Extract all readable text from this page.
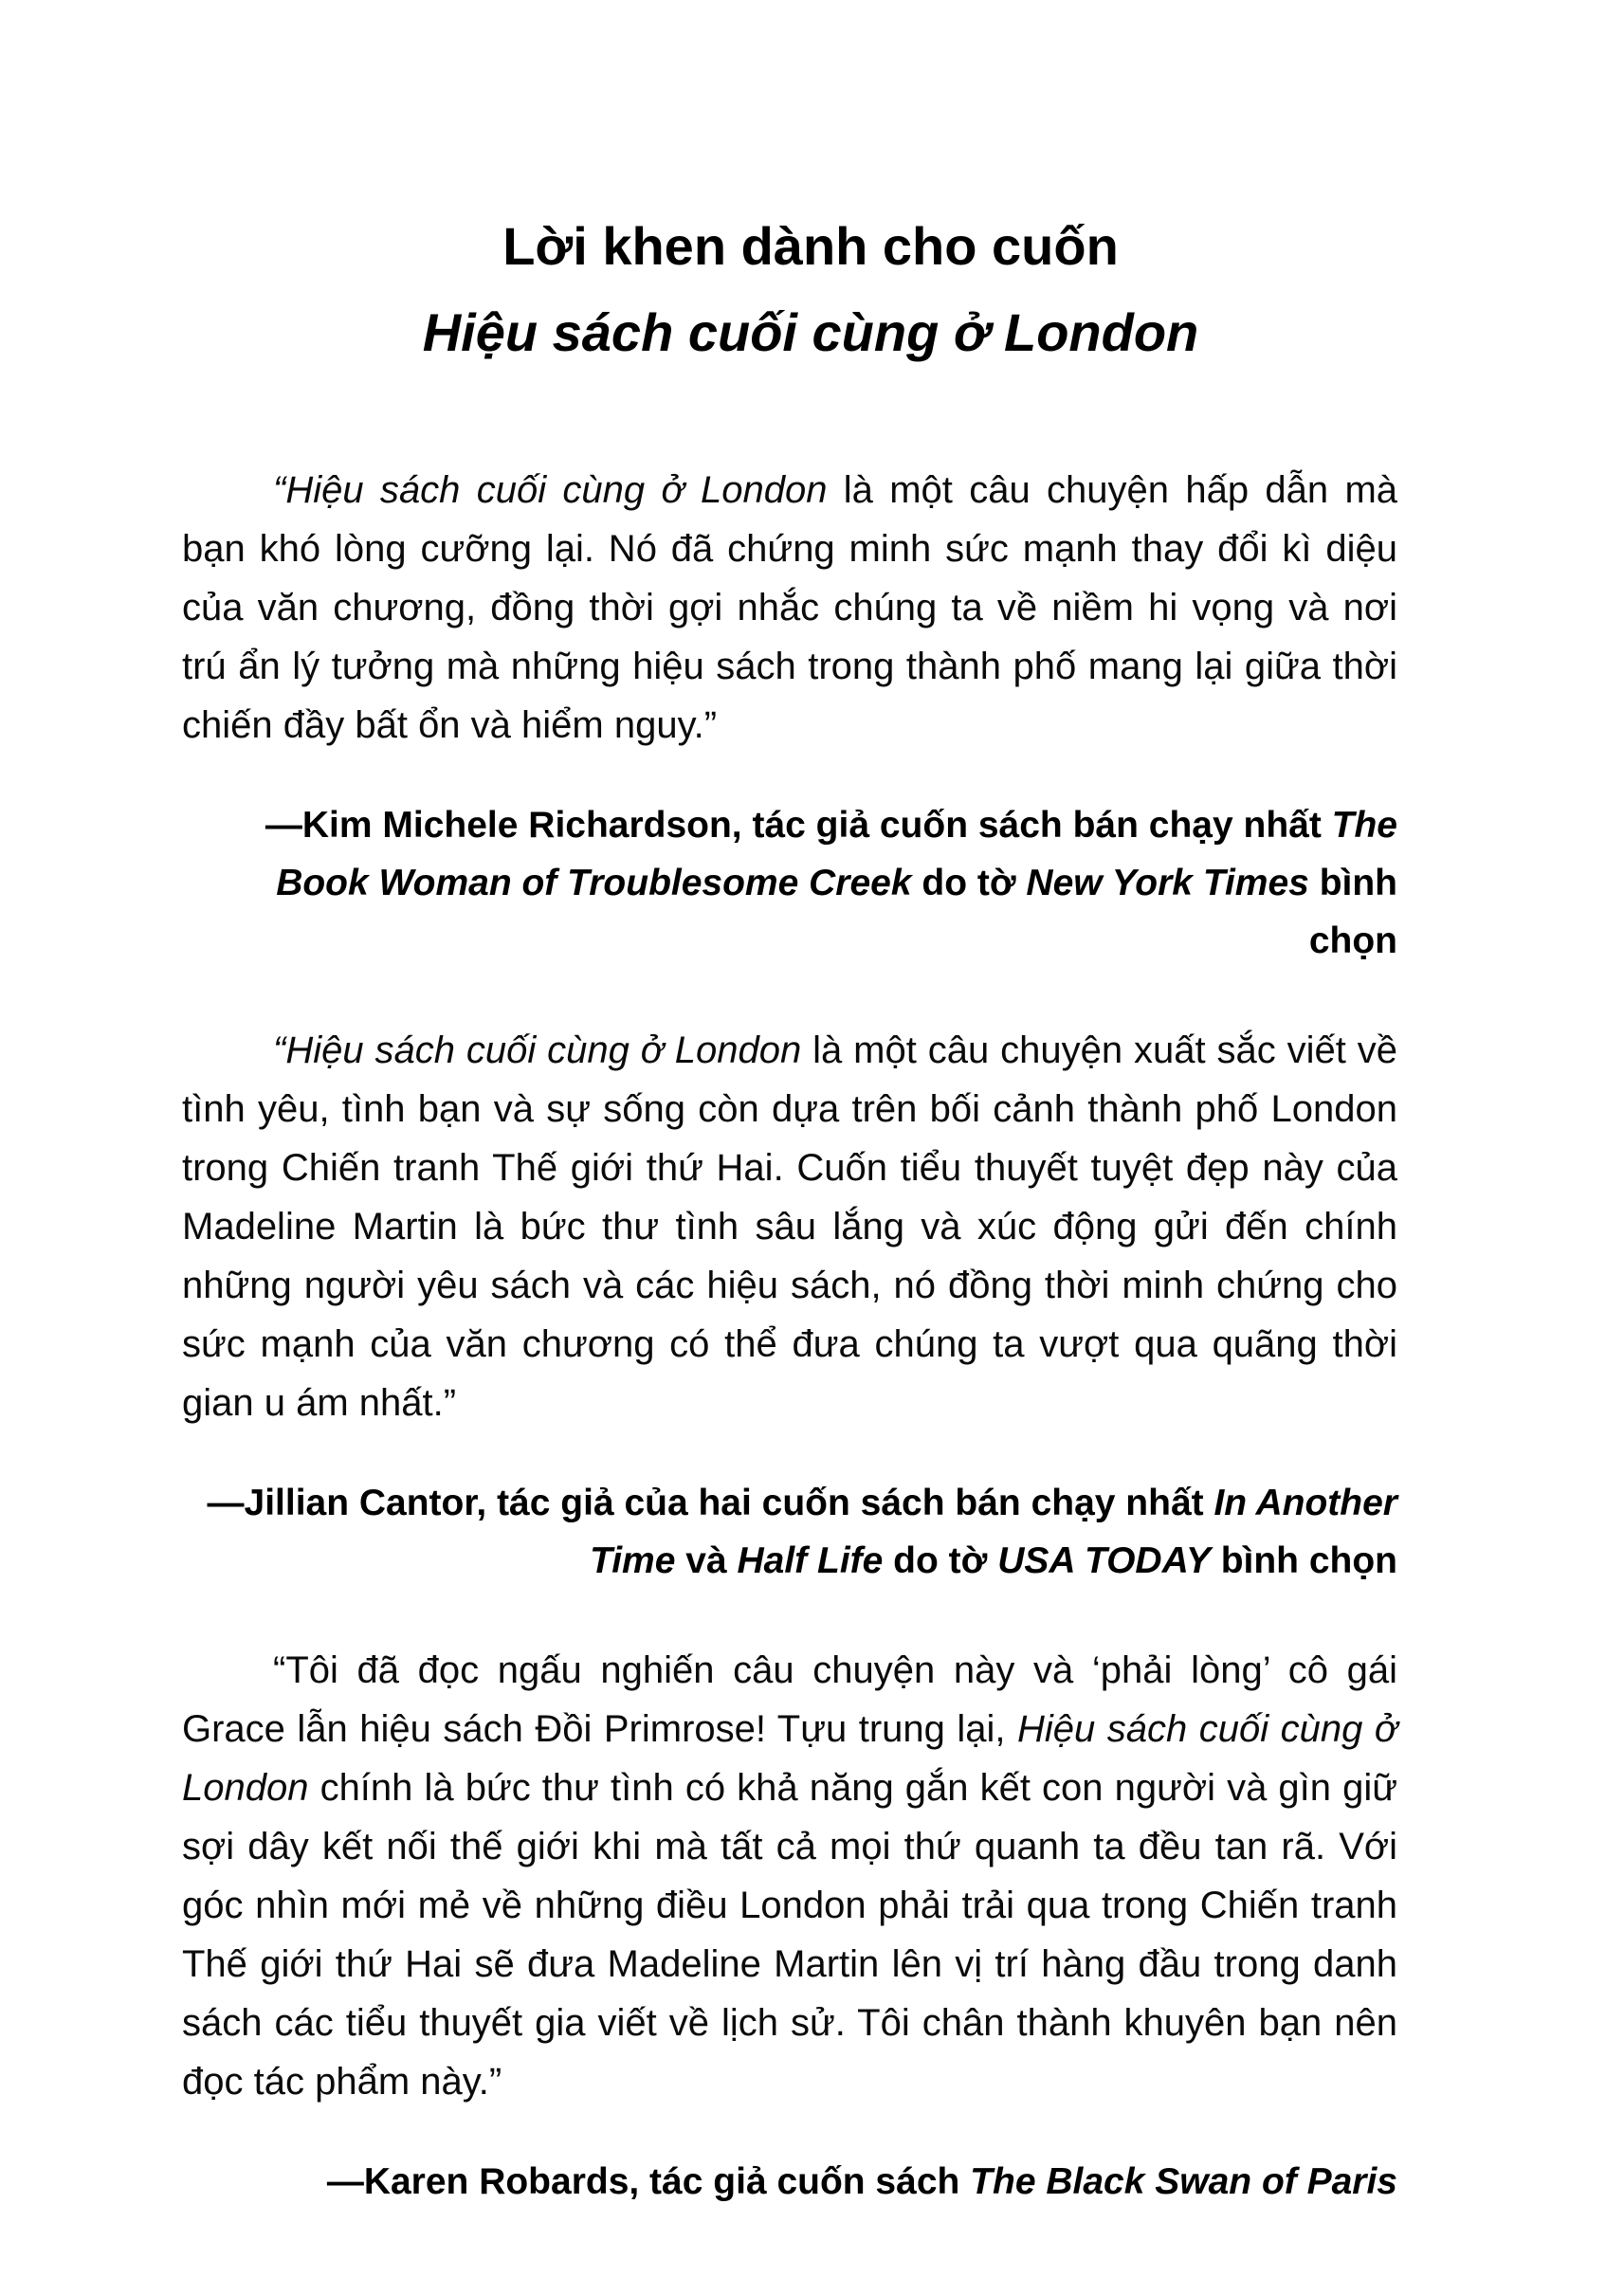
Lời khen dành cho cuốn
Hiệu sách cuối cùng ở London

“Hiệu sách cuối cùng ở London là một câu chuyện hấp dẫn mà bạn khó lòng cưỡng lại. Nó đã chứng minh sức mạnh thay đổi kì diệu của văn chương, đồng thời gợi nhắc chúng ta về niềm hi vọng và nơi trú ẩn lý tưởng mà những hiệu sách trong thành phố mang lại giữa thời chiến đầy bất ổn và hiểm nguy.”

—Kim Michele Richardson, tác giả cuốn sách bán chạy nhất The Book Woman of Troublesome Creek do tờ New York Times bình chọn

“Hiệu sách cuối cùng ở London là một câu chuyện xuất sắc viết về tình yêu, tình bạn và sự sống còn dựa trên bối cảnh thành phố London trong Chiến tranh Thế giới thứ Hai. Cuốn tiểu thuyết tuyệt đẹp này của Madeline Martin là bức thư tình sâu lắng và xúc động gửi đến chính những người yêu sách và các hiệu sách, nó đồng thời minh chứng cho sức mạnh của văn chương có thể đưa chúng ta vượt qua quãng thời gian u ám nhất.”

—Jillian Cantor, tác giả của hai cuốn sách bán chạy nhất In Another Time và Half Life do tờ USA TODAY bình chọn

“Tôi đã đọc ngấu nghiến câu chuyện này và ‘phải lòng’ cô gái Grace lẫn hiệu sách Đồi Primrose! Tựu trung lại, Hiệu sách cuối cùng ở London chính là bức thư tình có khả năng gắn kết con người và gìn giữ sợi dây kết nối thế giới khi mà tất cả mọi thứ quanh ta đều tan rã. Với góc nhìn mới mẻ về những điều London phải trải qua trong Chiến tranh Thế giới thứ Hai sẽ đưa Madeline Martin lên vị trí hàng đầu trong danh sách các tiểu thuyết gia viết về lịch sử. Tôi chân thành khuyên bạn nên đọc tác phẩm này.”

—Karen Robards, tác giả cuốn sách The Black Swan of Paris
